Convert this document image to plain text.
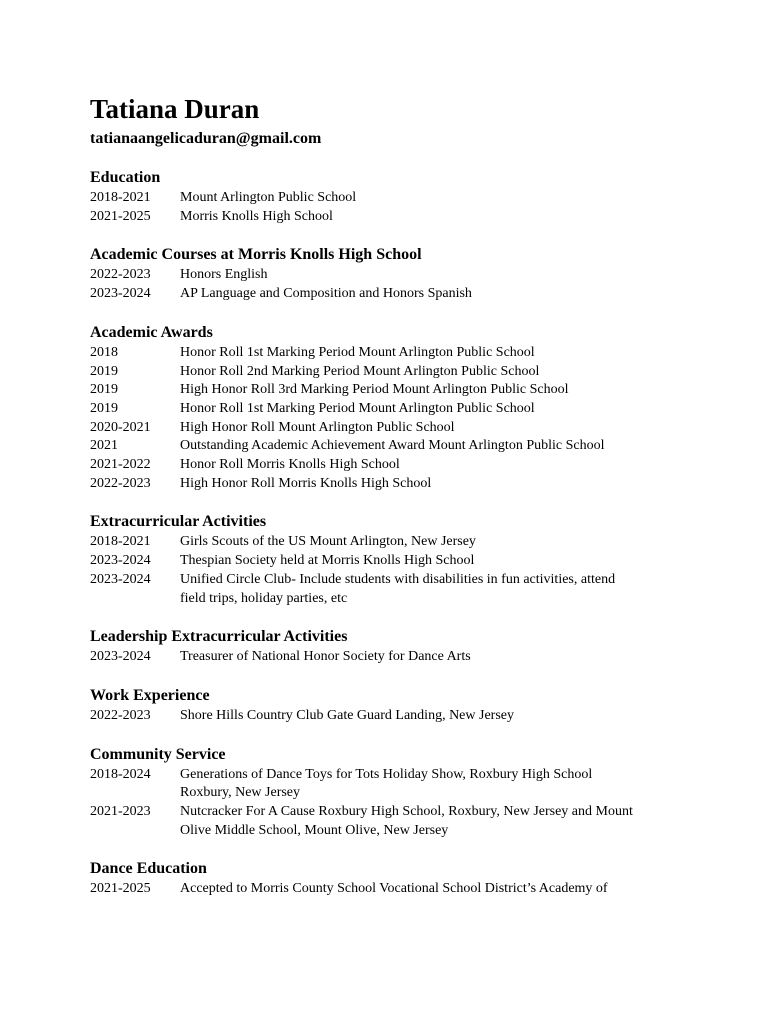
Tatiana Duran
tatianaangelicaduran@gmail.com
Education
2018-2021	Mount Arlington Public School
2021-2025	Morris Knolls High School
Academic Courses at Morris Knolls High School
2022-2023	Honors English
2023-2024	AP Language and Composition and Honors Spanish
Academic Awards
2018	Honor Roll 1st Marking Period Mount Arlington Public School
2019	Honor Roll 2nd Marking Period Mount Arlington Public School
2019	High Honor Roll 3rd Marking Period Mount Arlington Public School
2019	Honor Roll 1st Marking Period Mount Arlington Public School
2020-2021	High Honor Roll Mount Arlington Public School
2021	Outstanding Academic Achievement Award Mount Arlington Public School
2021-2022	Honor Roll Morris Knolls High School
2022-2023	High Honor Roll Morris Knolls High School
Extracurricular Activities
2018-2021	Girls Scouts of the US Mount Arlington, New Jersey
2023-2024	Thespian Society held at Morris Knolls High School
2023-2024	Unified Circle Club- Include students with disabilities in fun activities, attend field trips, holiday parties, etc
Leadership Extracurricular Activities
2023-2024	Treasurer of National Honor Society for Dance Arts
Work Experience
2022-2023	Shore Hills Country Club Gate Guard Landing, New Jersey
Community Service
2018-2024	Generations of Dance Toys for Tots Holiday Show, Roxbury High School Roxbury, New Jersey
2021-2023	Nutcracker For A Cause Roxbury High School, Roxbury, New Jersey and Mount Olive Middle School, Mount Olive, New Jersey
Dance Education
2021-2025	Accepted to Morris County School Vocational School District’s Academy of
